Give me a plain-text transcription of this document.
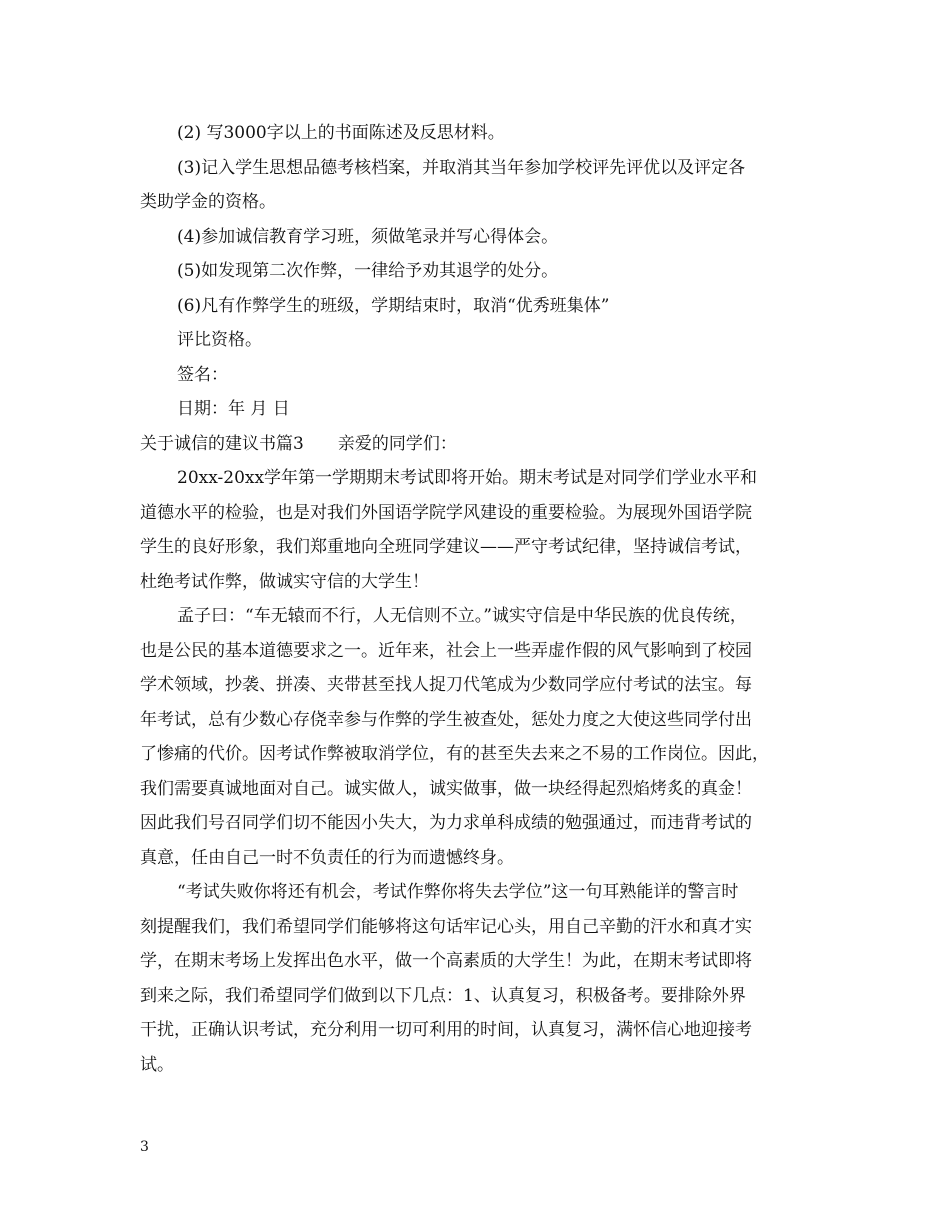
(2) 写3000字以上的书面陈述及反思材料。
(3)记入学生思想品德考核档案，并取消其当年参加学校评先评优以及评定各
类助学金的资格。
(4)参加诚信教育学习班，须做笔录并写心得体会。
(5)如发现第二次作弊，一律给予劝其退学的处分。
(6)凡有作弊学生的班级，学期结束时，取消“优秀班集体”
评比资格。
签名：
日期：年 月 日
关于诚信的建议书篇3　　亲爱的同学们：
20xx-20xx学年第一学期期末考试即将开始。期末考试是对同学们学业水平和
道德水平的检验，也是对我们外国语学院学风建设的重要检验。为展现外国语学院
学生的良好形象，我们郑重地向全班同学建议——严守考试纪律，坚持诚信考试，
杜绝考试作弊，做诚实守信的大学生！
孟子曰：“车无辕而不行，人无信则不立。”诚实守信是中华民族的优良传统，
也是公民的基本道德要求之一。近年来，社会上一些弄虚作假的风气影响到了校园
学术领域，抄袭、拼凑、夹带甚至找人捉刀代笔成为少数同学应付考试的法宝。每
年考试，总有少数心存侥幸参与作弊的学生被查处，惩处力度之大使这些同学付出
了惨痛的代价。因考试作弊被取消学位，有的甚至失去来之不易的工作岗位。因此，
我们需要真诚地面对自己。诚实做人，诚实做事，做一块经得起烈焰烤炙的真金！
因此我们号召同学们切不能因小失大，为力求单科成绩的勉强通过，而违背考试的
真意，任由自己一时不负责任的行为而遗憾终身。
“考试失败你将还有机会，考试作弊你将失去学位”这一句耳熟能详的警言时
刻提醒我们，我们希望同学们能够将这句话牢记心头，用自己辛勤的汗水和真才实
学，在期末考场上发挥出色水平，做一个高素质的大学生！为此，在期末考试即将
到来之际，我们希望同学们做到以下几点：1、认真复习，积极备考。要排除外界
干扰，正确认识考试，充分利用一切可利用的时间，认真复习，满怀信心地迎接考
试。
3
